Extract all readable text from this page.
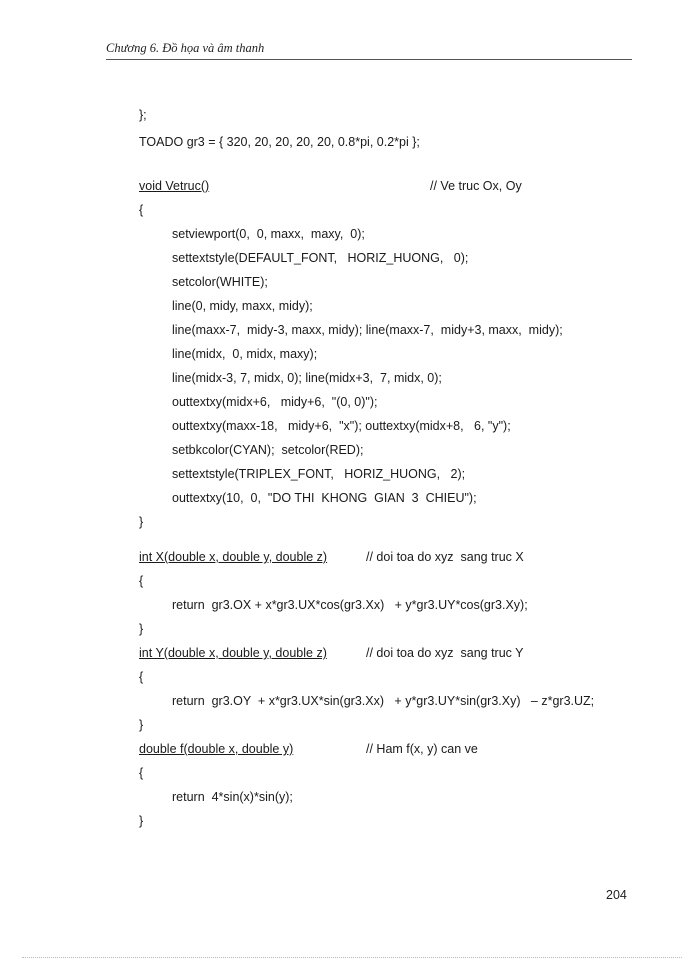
Chương 6. Đồ họa và âm thanh
};
TOADO gr3 = { 320, 20, 20, 20, 20, 0.8*pi, 0.2*pi };
void Vetruc()	// Ve truc Ox, Oy
{
setviewport(0,  0, maxx,  maxy,  0);
settextstyle(DEFAULT_FONT,   HORIZ_HUONG,   0);
setcolor(WHITE);
line(0, midy, maxx, midy);
line(maxx-7,  midy-3, maxx, midy); line(maxx-7,  midy+3, maxx,  midy);
line(midx,  0, midx, maxy);
line(midx-3, 7, midx, 0); line(midx+3,  7, midx, 0);
outtextxy(midx+6,   midy+6,  "(0, 0)");
outtextxy(maxx-18,   midy+6,  "x"); outtextxy(midx+8,   6, "y");
setbkcolor(CYAN);  setcolor(RED);
settextstyle(TRIPLEX_FONT,   HORIZ_HUONG,   2);
outtextxy(10,  0,  "DO THI  KHONG  GIAN  3  CHIEU");
}
int X(double x, double y, double z)	// doi toa do xyz  sang truc X
{
return  gr3.OX + x*gr3.UX*cos(gr3.Xx)   + y*gr3.UY*cos(gr3.Xy);
}
int Y(double x, double y, double z)	// doi toa do xyz  sang truc Y
{
return  gr3.OY  + x*gr3.UX*sin(gr3.Xx)   + y*gr3.UY*sin(gr3.Xy)   – z*gr3.UZ;
}
double f(double x, double y)	// Ham f(x, y) can ve
{
return  4*sin(x)*sin(y);
}
204
